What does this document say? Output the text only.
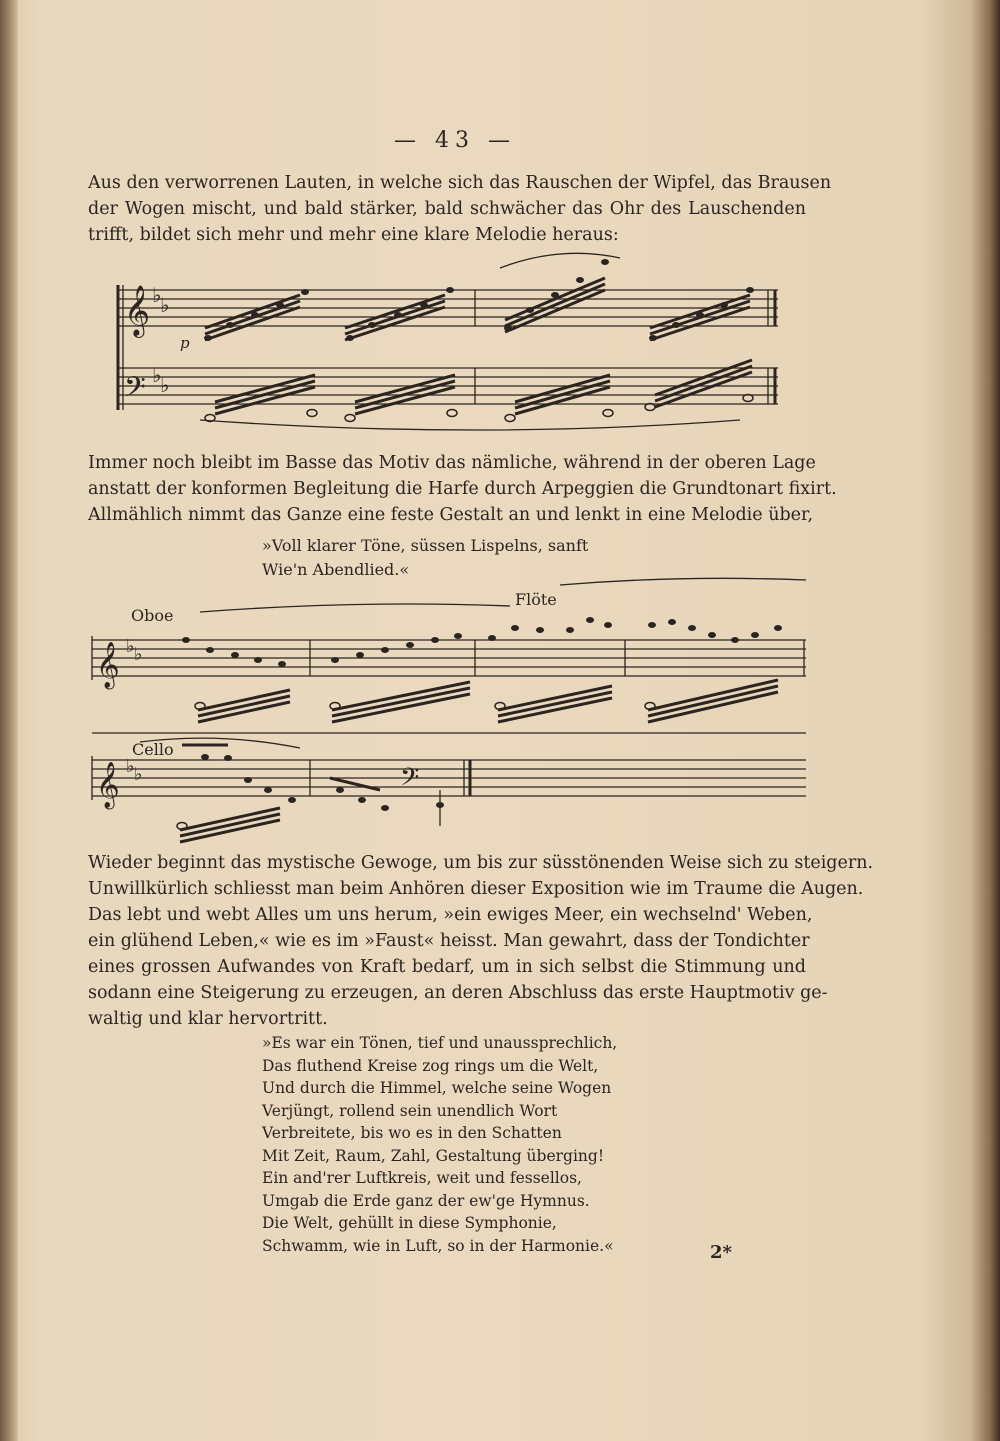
— 43 —
Aus den verworrenen Lauten, in welche sich das Rauschen der Wipfel, das Brausen
der Wogen mischt, und bald stärker, bald schwächer das Ohr des Lauschenden
trifft, bildet sich mehr und mehr eine klare Melodie heraus:
𝄞
𝄢
♭
♭
♭
♭
p
Immer noch bleibt im Basse das Motiv das nämliche, während in der oberen Lage
anstatt der konformen Begleitung die Harfe durch Arpeggien die Grundtonart fixirt.
Allmählich nimmt das Ganze eine feste Gestalt an und lenkt in eine Melodie über,
»Voll klarer Töne, süssen Lispelns, sanft
Wie'n Abendlied.«
𝄞 ♭ ♭
𝄞 ♭ ♭	𝄢
Oboe
Flöte
Cello
Wieder beginnt das mystische Gewoge, um bis zur süsstönenden Weise sich zu steigern.
Unwillkürlich schliesst man beim Anhören dieser Exposition wie im Traume die Augen.
Das lebt und webt Alles um uns herum, »ein ewiges Meer, ein wechselnd' Weben,
ein glühend Leben,« wie es im »Faust« heisst. Man gewahrt, dass der Tondichter
eines grossen Aufwandes von Kraft bedarf, um in sich selbst die Stimmung und
sodann eine Steigerung zu erzeugen, an deren Abschluss das erste Hauptmotiv ge-
waltig und klar hervortritt.
»Es war ein Tönen, tief und unaussprechlich,
Das fluthend Kreise zog rings um die Welt,
Und durch die Himmel, welche seine Wogen
Verjüngt, rollend sein unendlich Wort
Verbreitete, bis wo es in den Schatten
Mit Zeit, Raum, Zahl, Gestaltung überging!
Ein and'rer Luftkreis, weit und fessellos,
Umgab die Erde ganz der ew'ge Hymnus.
Die Welt, gehüllt in diese Symphonie,
Schwamm, wie in Luft, so in der Harmonie.«	2*
